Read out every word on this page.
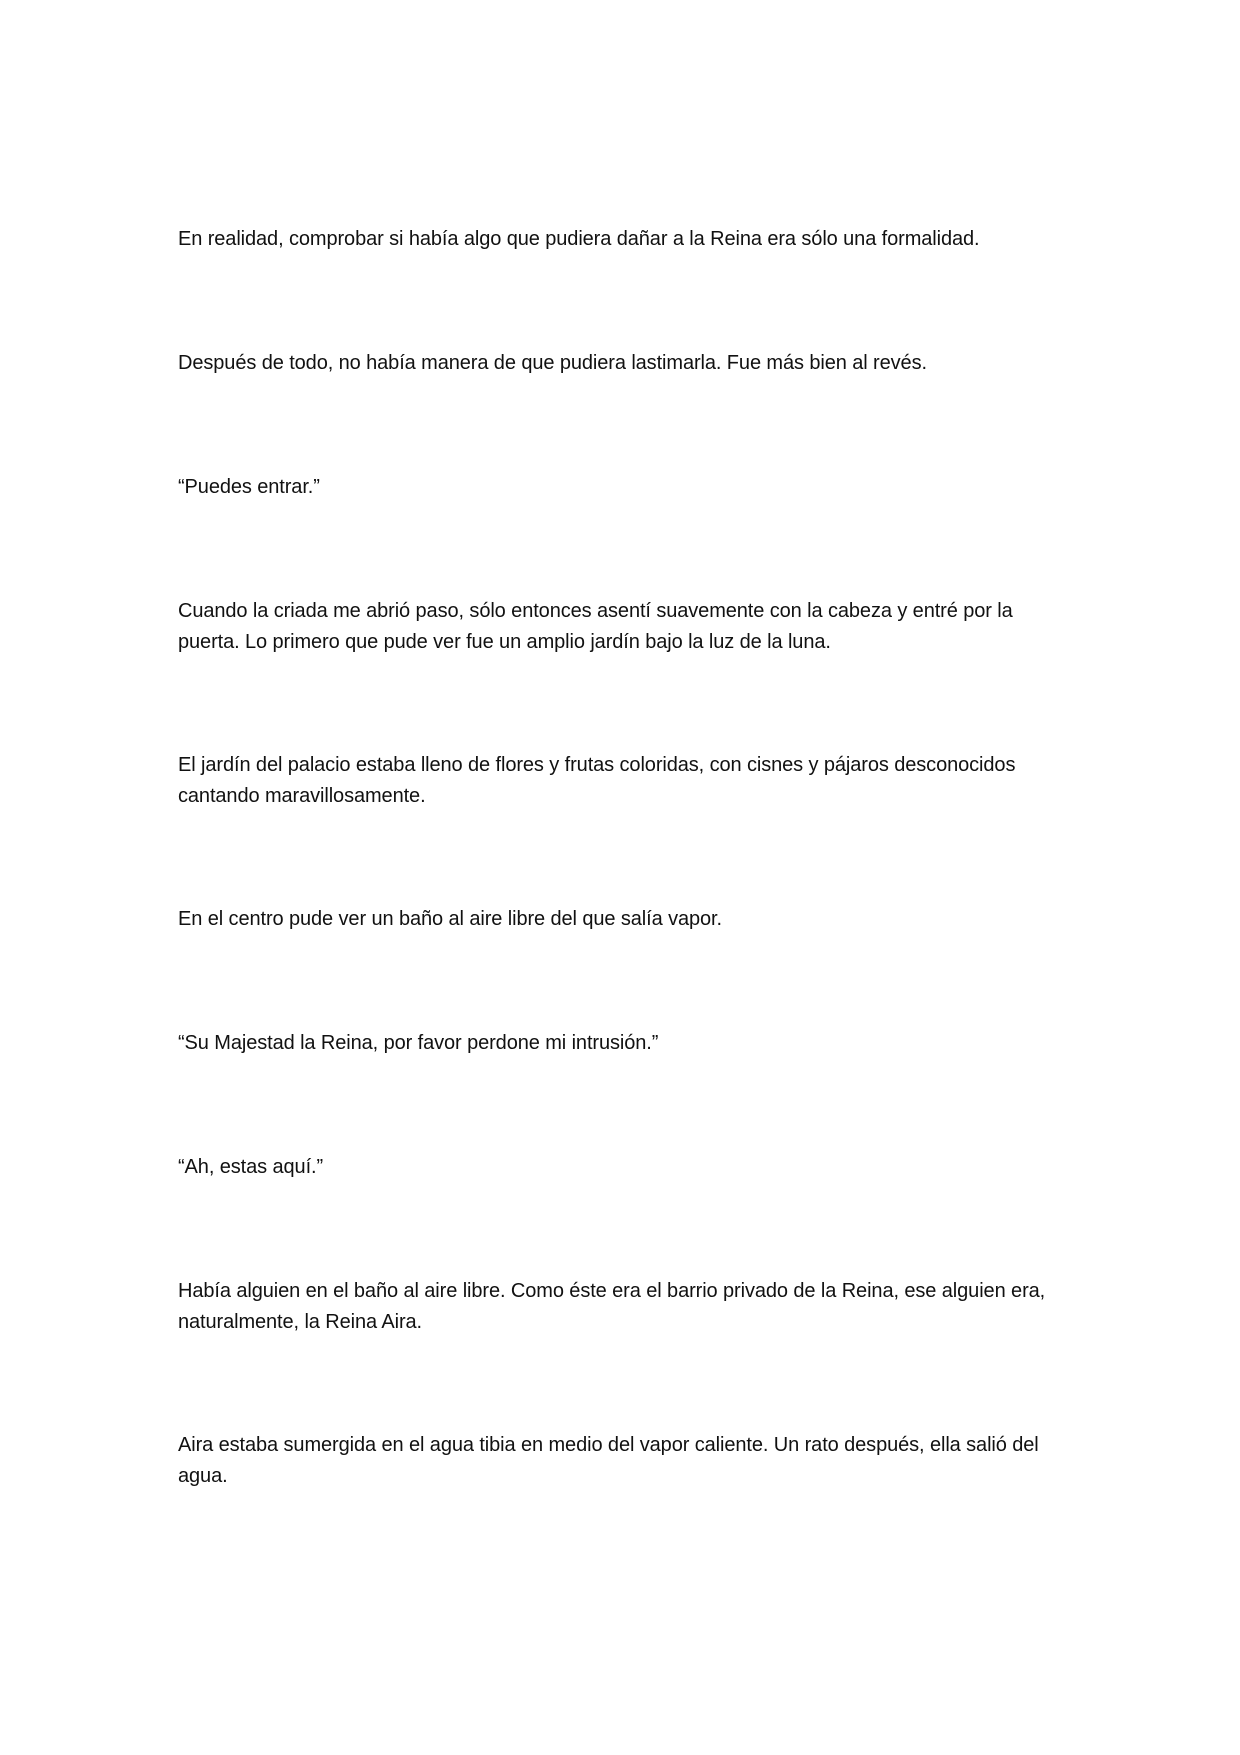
En realidad, comprobar si había algo que pudiera dañar a la Reina era sólo una formalidad.

Después de todo, no había manera de que pudiera lastimarla. Fue más bien al revés.

“Puedes entrar.”

Cuando la criada me abrió paso, sólo entonces asentí suavemente con la cabeza y entré por la puerta. Lo primero que pude ver fue un amplio jardín bajo la luz de la luna.

El jardín del palacio estaba lleno de flores y frutas coloridas, con cisnes y pájaros desconocidos cantando maravillosamente.

En el centro pude ver un baño al aire libre del que salía vapor.

“Su Majestad la Reina, por favor perdone mi intrusión.”

“Ah, estas aquí.”

Había alguien en el baño al aire libre. Como éste era el barrio privado de la Reina, ese alguien era, naturalmente, la Reina Aira.

Aira estaba sumergida en el agua tibia en medio del vapor caliente. Un rato después, ella salió del agua.
